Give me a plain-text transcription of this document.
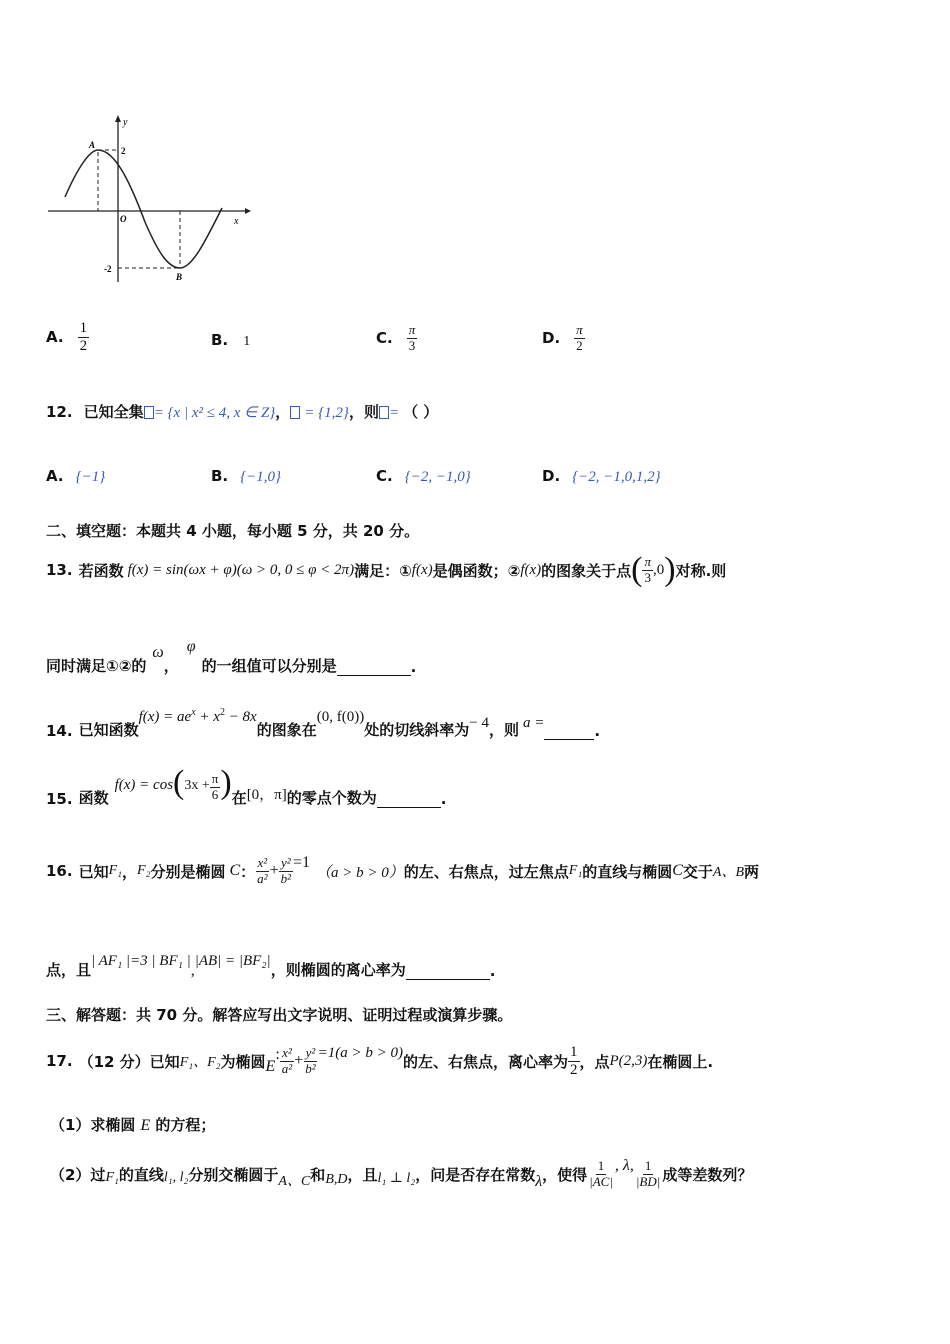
y
x
O
A
B
2
-2
A. $\frac{1}{2}$	B. 1	C. $\frac{\pi}{3}$	D. $\frac{\pi}{2}$
12. 已知全集 = {x | x² ≤ 4, x ∈ Z}， = {1,2}，则 = （ ）
A. {−1}	B. {−1,0}	C. {−2, −1,0}	D. {−2, −1,0,1,2}
二、填空题：本题共 4 小题，每小题 5 分，共 20 分。
13. 若函数 f(x) = sin(ωx + φ)(ω > 0, 0 ≤ φ < 2π) 满足：① f(x) 是偶函数；② f(x) 的图象关于点 ( $\frac{\pi}{3} ,0$ ) 对称.则
同时满足①②的
ω
，
φ
的一组值可以分别是	.
14. 已知函数
$f(x) = ae^x + x^2 - 8x$
的图象在
(0, f(0))
处的切线斜率为 − 4 ，则 a =	.
15. 函数
f(x) = cos ( $3x + \frac{\pi}{6}$ ) 在 [0，π] 的零点个数为	.
16. 已知 F₁ ， F₂ 分别是椭圆 C ： $\frac{\text{x²}}{\text{a²}} + \frac{\text{y²}}{\text{b²}} =1$
（a > b > 0） 的左、右焦点，过左焦点 F₁ 的直线与椭圆 C 交于 A、B 两
点，且 | AF₁ |=3 | BF₁ |
,
|AB| = |BF₂| ，则椭圆的离心率为	.
三、解答题：共 70 分。解答应写出文字说明、证明过程或演算步骤。
17. （12 分）已知 F₁、F₂ 为椭圆 E
: $\frac{\text{x²}}{\text{a²}} + \frac{\text{y²}}{\text{b²}} =1(a > b > 0)$ 的左、右焦点，离心率为 $\frac{1}{2}$ ，点 P(2,3) 在椭圆上.
（1）求椭圆 E 的方程；
（2）过 F₁ 的直线 l₁, l₂ 分别交椭圆于 A、C 和 B,D ，且 l₁ ⊥ l₂ ，问是否存在常数 λ ，使得 $\frac{1}{|AC|}$ , λ, $\frac{1}{|BD|}$ 成等差数列？
